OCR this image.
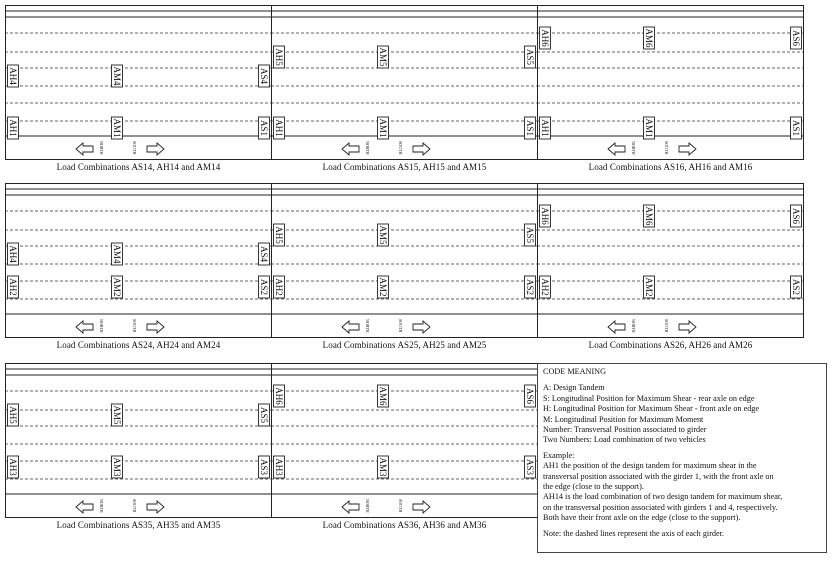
AH4	AM4	AS4
AH1	AM1	AS1
NORTH	SOUTH
Load Combinations AS14, AH14 and AM14
AH5	AM5	AS5
AH1	AM1	AS1
NORTH	SOUTH
Load Combinations AS15, AH15 and AM15
AH6	AM6	AS6
AH1	AM1	AS1
NORTH	SOUTH
Load Combinations AS16, AH16 and AM16
AH4	AM4	AS4
AH2	AM2	AS2
NORTH	SOUTH
Load Combinations AS24, AH24 and AM24
AH5	AM5	AS5
AH2	AM2	AS2
NORTH	SOUTH
Load Combinations AS25, AH25 and AM25
AH6	AM6	AS6
AH2	AM2	AS2
NORTH	SOUTH
Load Combinations AS26, AH26 and AM26
AH5	AM5	AS5
AH3	AM3	AS3
NORTH	SOUTH
Load Combinations AS35, AH35 and AM35
AH6	AM6	AS6
AH3	AM3	AS3
NORTH	SOUTH
Load Combinations AS36, AH36 and AM36
CODE MEANING
A: Design Tandem
S: Longitudinal Position for Maximum Shear - rear axle on edge
H: Longitudinal Position for Maximum Shear - front axle on edge
M: Longitudinal Position for Maximum Moment
Number: Transversal Position associated to girder
Two Numbers: Load combination of two vehicles
Example:
AH1 the position of the design tandem for maximum shear in the
transversal position associated with the girder 1, with the front axle on
the edge (close to the support).
AH14 is the load combination of two design tandem for maximum shear,
on the transversal position associated with girders 1 and 4, respectively.
Both have their front axle on the edge (close to the support).
Note: the dashed lines represent the axis of each girder.
